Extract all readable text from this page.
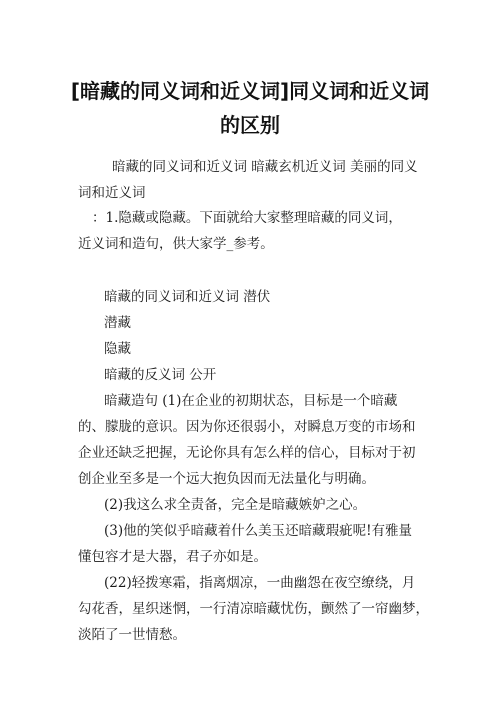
[暗藏的同义词和近义词]同义词和近义词
的区别

暗藏的同义词和近义词 暗藏玄机近义词 美丽的同义

词和近义词

：1.隐藏或隐藏。下面就给大家整理暗藏的同义词，

近义词和造句，供大家学_参考。

暗藏的同义词和近义词 潜伏

潜藏

隐藏

暗藏的反义词 公开

暗藏造句 (1)在企业的初期状态，目标是一个暗藏

的、朦胧的意识。因为你还很弱小，对瞬息万变的市场和

企业还缺乏把握，无论你具有怎么样的信心，目标对于初

创企业至多是一个远大抱负因而无法量化与明确。

(2)我这么求全责备，完全是暗藏嫉妒之心。

(3)他的笑似乎暗藏着什么美玉还暗藏瑕疵呢!有雅量

懂包容才是大器，君子亦如是。

(22)轻拨寒霜，指离烟凉，一曲幽怨在夜空缭绕，月

勾花香，星织迷惘，一行清凉暗藏忧伤，颤然了一帘幽梦，

淡陌了一世情愁。
